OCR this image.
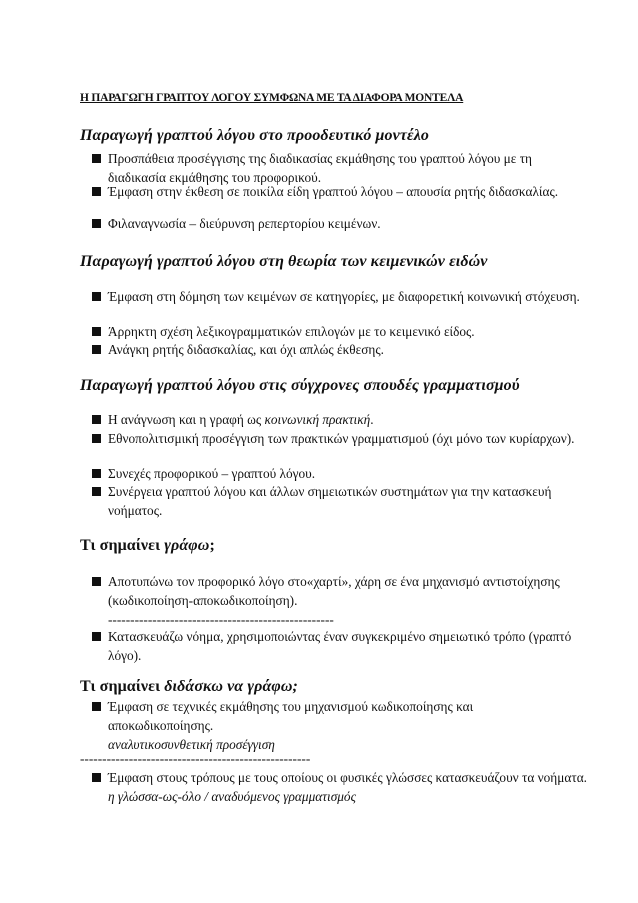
Η ΠΑΡΑΓΩΓΗ ΓΡΑΠΤΟΥ ΛΟΓΟΥ ΣΥΜΦΩΝΑ ΜΕ ΤΑ ΔΙΑΦΟΡΑ ΜΟΝΤΕΛΑ
Παραγωγή γραπτού λόγου στο προοδευτικό μοντέλο
Προσπάθεια προσέγγισης της διαδικασίας εκμάθησης του γραπτού λόγου με τη διαδικασία εκμάθησης του προφορικού.
Έμφαση στην έκθεση σε ποικίλα είδη γραπτού λόγου – απουσία ρητής διδασκαλίας.
Φιλαναγνωσία – διεύρυνση ρεπερτορίου κειμένων.
Παραγωγή γραπτού λόγου στη θεωρία των κειμενικών ειδών
Έμφαση στη δόμηση των κειμένων σε κατηγορίες, με διαφορετική κοινωνική στόχευση.
Άρρηκτη σχέση λεξικογραμματικών επιλογών με το κειμενικό είδος.
Ανάγκη ρητής διδασκαλίας, και όχι απλώς έκθεσης.
Παραγωγή γραπτού λόγου στις σύγχρονες σπουδές γραμματισμού
Η ανάγνωση και η γραφή ως κοινωνική πρακτική.
Εθνοπολιτισμική προσέγγιση των πρακτικών γραμματισμού (όχι μόνο των κυρίαρχων).
Συνεχές προφορικού – γραπτού λόγου.
Συνέργεια γραπτού λόγου και άλλων σημειωτικών συστημάτων για την κατασκευή νοήματος.
Τι σημαίνει γράφω;
Αποτυπώνω τον προφορικό λόγο στο«χαρτί», χάρη σε ένα μηχανισμό αντιστοίχησης (κωδικοποίηση-αποκωδικοποίηση).
---------------------------------------------------
Κατασκευάζω νόημα, χρησιμοποιώντας έναν συγκεκριμένο σημειωτικό τρόπο (γραπτό λόγο).
Τι σημαίνει διδάσκω να γράφω;
Έμφαση σε τεχνικές εκμάθησης του μηχανισμού κωδικοποίησης και αποκωδικοποίησης.
αναλυτικοσυνθετική προσέγγιση
----------------------------------------------------
Έμφαση στους τρόπους με τους οποίους οι φυσικές γλώσσες κατασκευάζουν τα νοήματα.
η γλώσσα-ως-όλο / αναδυόμενος γραμματισμός
